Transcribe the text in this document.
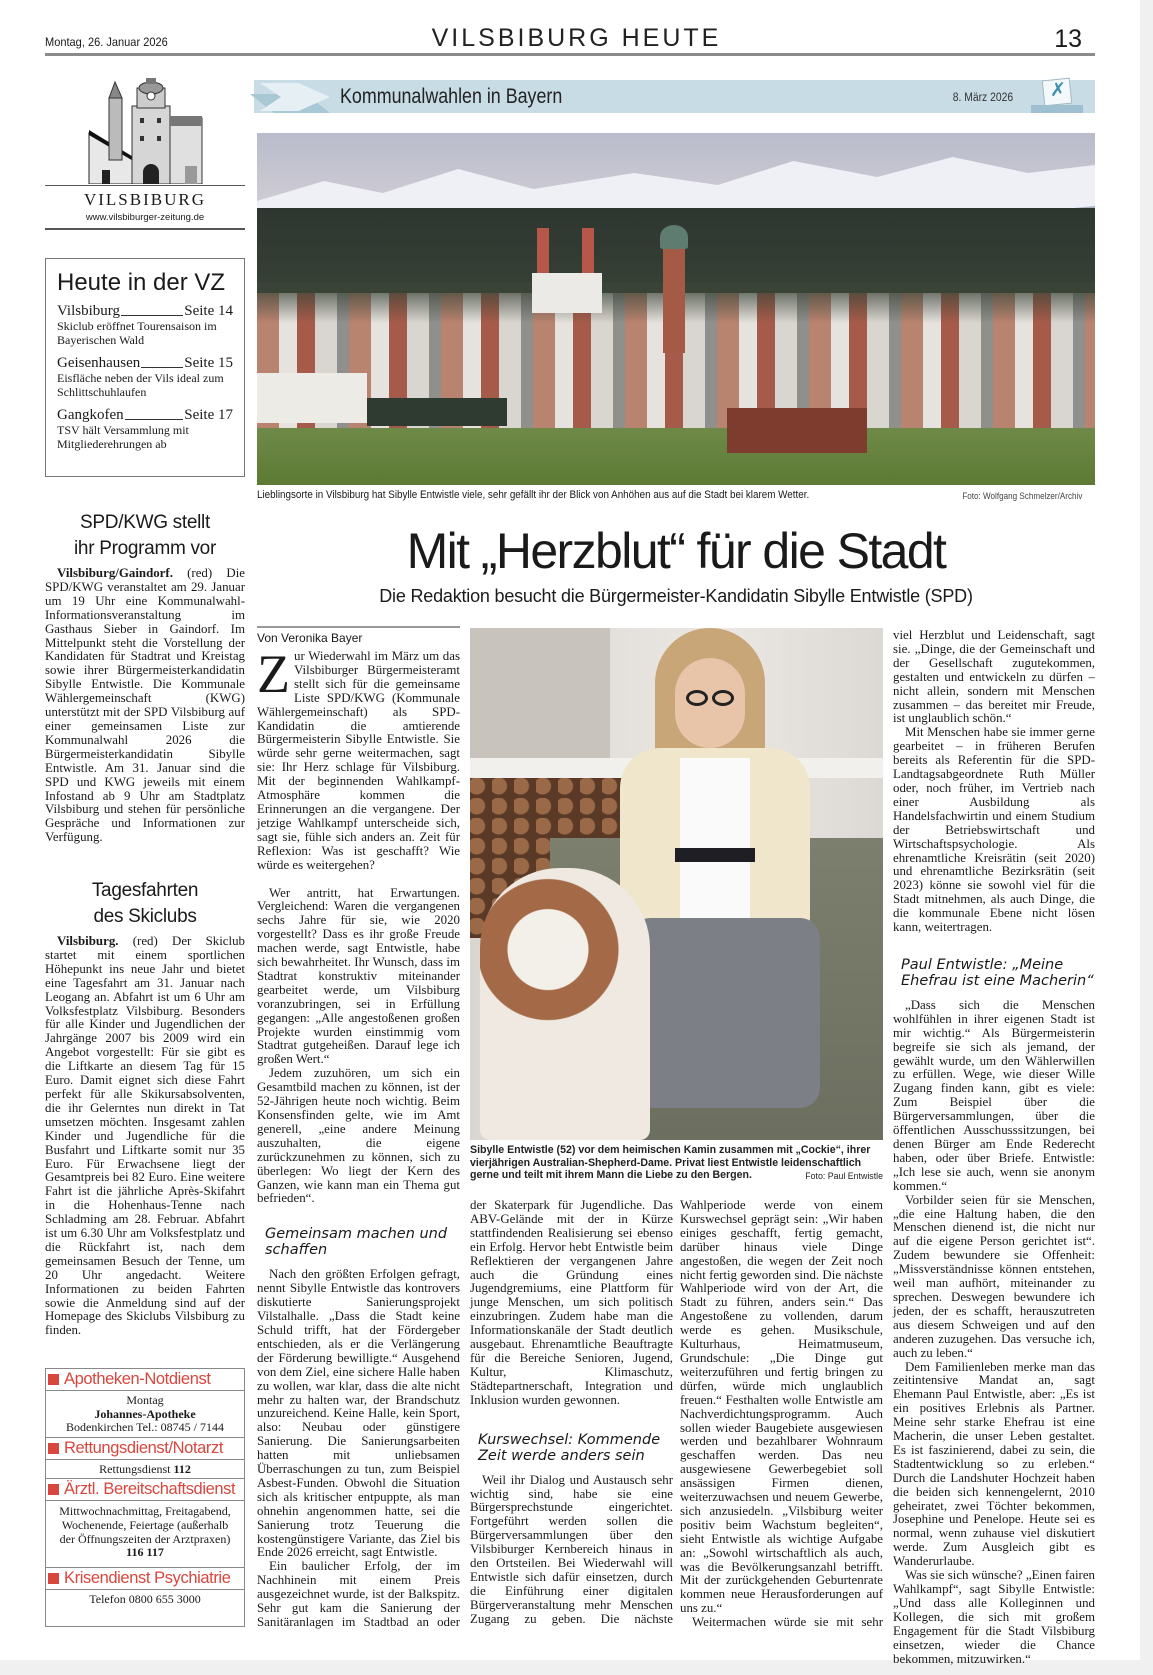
Montag, 26. Januar 2026	VILSBIBURG HEUTE	13
Kommunalwahlen in Bayern	8. März 2026 ✗
VILSBIBURG
www.vilsbiburger-zeitung.de
Heute in der VZ
Vilsbiburg	Seite 14
Skiclub eröffnet Tourensaison im Bayerischen Wald
Geisenhausen	Seite 15
Eisfläche neben der Vils ideal zum Schlittschuhlaufen
Gangkofen	Seite 17
TSV hält Versammlung mit Mitgliederehrungen ab
SPD/KWG stellt
ihr Programm vor

Vilsbiburg/Gaindorf. (red) Die SPD/KWG veranstaltet am 29. Januar um 19 Uhr eine Kommunalwahl-Informationsveranstaltung im Gasthaus Sieber in Gaindorf. Im Mittelpunkt steht die Vorstellung der Kandidaten für Stadtrat und Kreistag sowie ihrer Bürgermeisterkandidatin Sibylle Entwistle. Die Kommunale Wählergemeinschaft (KWG) unterstützt mit der SPD Vilsbiburg auf einer gemeinsamen Liste zur Kommunalwahl 2026 die Bürgermeisterkandidatin Sibylle Entwistle. Am 31. Januar sind die SPD und KWG jeweils mit einem Infostand ab 9 Uhr am Stadtplatz Vilsbiburg und stehen für persönliche Gespräche und Informationen zur Verfügung.

Tagesfahrten
des Skiclubs

Vilsbiburg. (red) Der Skiclub startet mit einem sportlichen Höhepunkt ins neue Jahr und bietet eine Tagesfahrt am 31. Januar nach Leogang an. Abfahrt ist um 6 Uhr am Volksfestplatz Vilsbiburg. Besonders für alle Kinder und Jugendlichen der Jahrgänge 2007 bis 2009 wird ein Angebot vorgestellt: Für sie gibt es die Liftkarte an diesem Tag für 15 Euro. Damit eignet sich diese Fahrt perfekt für alle Skikursabsolventen, die ihr Gelerntes nun direkt in Tat umsetzen möchten. Insgesamt zahlen Kinder und Jugendliche für die Busfahrt und Liftkarte somit nur 35 Euro. Für Erwachsene liegt der Gesamtpreis bei 82 Euro. Eine weitere Fahrt ist die jährliche Après-Skifahrt in die Hohenhaus-Tenne nach Schladming am 28. Februar. Abfahrt ist um 6.30 Uhr am Volksfestplatz und die Rückfahrt ist, nach dem gemeinsamen Besuch der Tenne, um 20 Uhr angedacht. Weitere Informationen zu beiden Fahrten sowie die Anmeldung sind auf der Homepage des Skiclubs Vilsbiburg zu finden.

Apotheken-Notdienst
Montag
Johannes-Apotheke
Bodenkirchen Tel.: 08745 / 7144
Rettungsdienst/Notarzt
Rettungsdienst 112
Ärztl. Bereitschaftsdienst
Mittwochnachmittag, Freitagabend, Wochenende, Feiertage (außerhalb der Öffnungszeiten der Arztpraxen)
116 117
Krisendienst Psychiatrie
Telefon 0800 655 3000
Lieblingsorte in Vilsbiburg hat Sibylle Entwistle viele, sehr gefällt ihr der Blick von Anhöhen aus auf die Stadt bei klarem Wetter.	Foto: Wolfgang Schmelzer/Archiv
Mit „Herzblut“ für die Stadt
Die Redaktion besucht die Bürgermeister-Kandidatin Sibylle Entwistle (SPD)
Von Veronika Bayer

Zur Wiederwahl im März um das Vilsbiburger Bürgermeisteramt stellt sich für die gemeinsame Liste SPD/KWG (Kommunale Wählergemeinschaft) als SPD-Kandidatin die amtierende Bürgermeisterin Sibylle Entwistle. Sie würde sehr gerne weitermachen, sagt sie: Ihr Herz schlage für Vilsbiburg. Mit der beginnenden Wahlkampf-Atmosphäre kommen die Erinnerungen an die vergangene. Der jetzige Wahlkampf unterscheide sich, sagt sie, fühle sich anders an. Zeit für Reflexion: Was ist geschafft? Wie würde es weitergehen?

Wer antritt, hat Erwartungen. Vergleichend: Waren die vergangenen sechs Jahre für sie, wie 2020 vorgestellt? Dass es ihr große Freude machen werde, sagt Entwistle, habe sich bewahrheitet. Ihr Wunsch, dass im Stadtrat konstruktiv miteinander gearbeitet werde, um Vilsbiburg voranzubringen, sei in Erfüllung gegangen: „Alle angestoßenen großen Projekte wurden einstimmig vom Stadtrat gutgeheißen. Darauf lege ich großen Wert.“

Jedem zuzuhören, um sich ein Gesamtbild machen zu können, ist der 52-Jährigen heute noch wichtig. Beim Konsensfinden gelte, wie im Amt generell, „eine andere Meinung auszuhalten, die eigene zurückzunehmen zu können, sich zu überlegen: Wo liegt der Kern des Ganzen, wie kann man ein Thema gut befrieden“.

Gemeinsam machen und schaffen

Nach den größten Erfolgen gefragt, nennt Sibylle Entwistle das kontrovers diskutierte Sanierungsprojekt Vilstalhalle. „Dass die Stadt keine Schuld trifft, hat der Fördergeber entschieden, als er die Verlängerung der Förderung bewilligte.“ Ausgehend von dem Ziel, eine sichere Halle haben zu wollen, war klar, dass die alte nicht mehr zu halten war, der Brandschutz unzureichend. Keine Halle, kein Sport, also: Neubau oder günstigere Sanierung. Die Sanierungsarbeiten hatten mit unliebsamen Überraschungen zu tun, zum Beispiel Asbest-Funden. Obwohl die Situation sich als kritischer entpuppte, als man ohnehin angenommen hatte, sei die Sanierung trotz Teuerung die kostengünstigere Variante, das Ziel bis Ende 2026 erreicht, sagt Entwistle.

Ein baulicher Erfolg, der im Nachhinein mit einem Preis ausgezeichnet wurde, ist der Balkspitz. Sehr gut kam die Sanierung der Sanitäranlagen im Stadtbad an oder

Sibylle Entwistle (52) vor dem heimischen Kamin zusammen mit „Cockie“, ihrer vierjährigen Australian-Shepherd-Dame. Privat liest Entwistle leidenschaftlich gerne und teilt mit ihrem Mann die Liebe zu den Bergen.	Foto: Paul Entwistle

der Skaterpark für Jugendliche. Das ABV-Gelände mit der in Kürze stattfindenden Realisierung sei ebenso ein Erfolg. Hervor hebt Entwistle beim Reflektieren der vergangenen Jahre auch die Gründung eines Jugendgremiums, eine Plattform für junge Menschen, um sich politisch einzubringen. Zudem habe man die Informationskanäle der Stadt deutlich ausgebaut. Ehrenamtliche Beauftragte für die Bereiche Senioren, Jugend, Kultur, Klimaschutz, Städtepartnerschaft, Integration und Inklusion wurden gewonnen.

Kurswechsel: Kommende Zeit werde anders sein

Weil ihr Dialog und Austausch sehr wichtig sind, habe sie eine Bürgersprechstunde eingerichtet. Fortgeführt werden sollen die Bürgerversammlungen über den Vilsbiburger Kernbereich hinaus in den Ortsteilen. Bei Wiederwahl will Entwistle sich dafür einsetzen, durch die Einführung einer digitalen Bürgerveranstaltung mehr Menschen Zugang zu geben. Die nächste

Wahlperiode werde von einem Kurswechsel geprägt sein: „Wir haben einiges geschafft, fertig gemacht, darüber hinaus viele Dinge angestoßen, die wegen der Zeit noch nicht fertig geworden sind. Die nächste Wahlperiode wird von der Art, die Stadt zu führen, anders sein.“ Das Angestoßene zu vollenden, darum werde es gehen. Musikschule, Kulturhaus, Heimatmuseum, Grundschule: „Die Dinge gut weiterzuführen und fertig bringen zu dürfen, würde mich unglaublich freuen.“ Festhalten wolle Entwistle am Nachverdichtungsprogramm. Auch sollen wieder Baugebiete ausgewiesen werden und bezahlbarer Wohnraum geschaffen werden. Das neu ausgewiesene Gewerbegebiet soll ansässigen Firmen dienen, weiterzuwachsen und neuem Gewerbe, sich anzusiedeln. „Vilsbiburg weiter positiv beim Wachstum begleiten“, sieht Entwistle als wichtige Aufgabe an: „Sowohl wirtschaftlich als auch, was die Bevölkerungsanzahl betrifft. Mit der zurückgehenden Geburtenrate kommen neue Herausforderungen auf uns zu.“

Weitermachen würde sie mit sehr

viel Herzblut und Leidenschaft, sagt sie. „Dinge, die der Gemeinschaft und der Gesellschaft zugutekommen, gestalten und entwickeln zu dürfen – nicht allein, sondern mit Menschen zusammen – das bereitet mir Freude, ist unglaublich schön.“

Mit Menschen habe sie immer gerne gearbeitet – in früheren Berufen bereits als Referentin für die SPD-Landtagsabgeordnete Ruth Müller oder, noch früher, im Vertrieb nach einer Ausbildung als Handelsfachwirtin und einem Studium der Betriebswirtschaft und Wirtschaftspsychologie. Als ehrenamtliche Kreisrätin (seit 2020) und ehrenamtliche Bezirksrätin (seit 2023) könne sie sowohl viel für die Stadt mitnehmen, als auch Dinge, die die kommunale Ebene nicht lösen kann, weitertragen.

Paul Entwistle: „Meine Ehefrau ist eine Macherin“

„Dass sich die Menschen wohlfühlen in ihrer eigenen Stadt ist mir wichtig.“ Als Bürgermeisterin begreife sie sich als jemand, der gewählt wurde, um den Wählerwillen zu erfüllen. Wege, wie dieser Wille Zugang finden kann, gibt es viele: Zum Beispiel über die Bürgerversammlungen, über die öffentlichen Ausschusssitzungen, bei denen Bürger am Ende Rederecht haben, oder über Briefe. Entwistle: „Ich lese sie auch, wenn sie anonym kommen.“

Vorbilder seien für sie Menschen, „die eine Haltung haben, die den Menschen dienend ist, die nicht nur auf die eigene Person gerichtet ist“. Zudem bewundere sie Offenheit: „Missverständnisse können entstehen, weil man aufhört, miteinander zu sprechen. Deswegen bewundere ich jeden, der es schafft, herauszutreten aus diesem Schweigen und auf den anderen zuzugehen. Das versuche ich, auch zu leben.“

Dem Familienleben merke man das zeitintensive Mandat an, sagt Ehemann Paul Entwistle, aber: „Es ist ein positives Erlebnis als Partner. Meine sehr starke Ehefrau ist eine Macherin, die unser Leben gestaltet. Es ist faszinierend, dabei zu sein, die Stadtentwicklung so zu erleben.“ Durch die Landshuter Hochzeit haben die beiden sich kennengelernt, 2010 geheiratet, zwei Töchter bekommen, Josephine und Penelope. Heute sei es normal, wenn zuhause viel diskutiert werde. Zum Ausgleich gibt es Wanderurlaube.

Was sie sich wünsche? „Einen fairen Wahlkampf“, sagt Sibylle Entwistle: „Und dass alle Kolleginnen und Kollegen, die sich mit großem Engagement für die Stadt Vilsbiburg einsetzen, wieder die Chance bekommen, mitzuwirken.“
